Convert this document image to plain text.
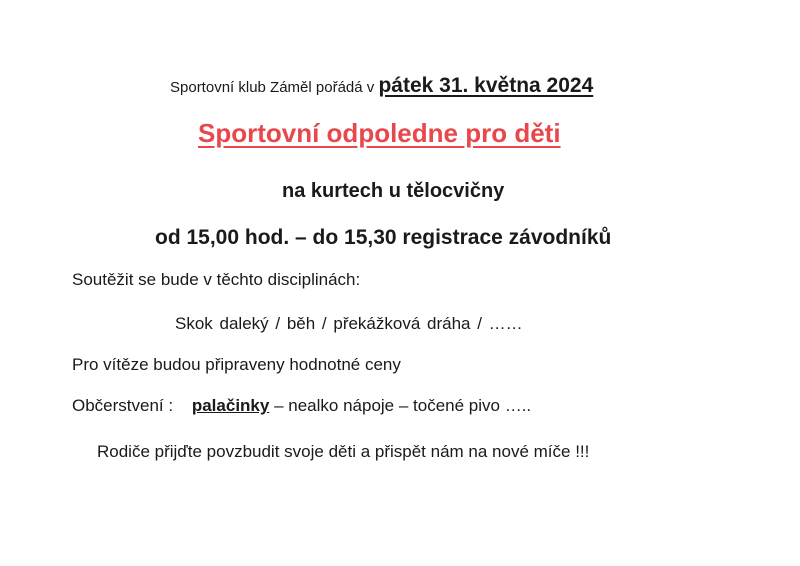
Sportovní klub Záměl pořádá v pátek 31. května 2024
Sportovní odpoledne pro děti
na kurtech u tělocvičny
od 15,00 hod. – do 15,30 registrace závodníků
Soutěžit se bude v těchto disciplinách:
Skok daleký / běh / překážková dráha / ……
Pro vítěze budou připraveny hodnotné ceny
Občerstvení : palačinky – nealko nápoje – točené pivo …..
Rodiče přijďte povzbudit svoje děti a přispět nám na nové míče !!!
